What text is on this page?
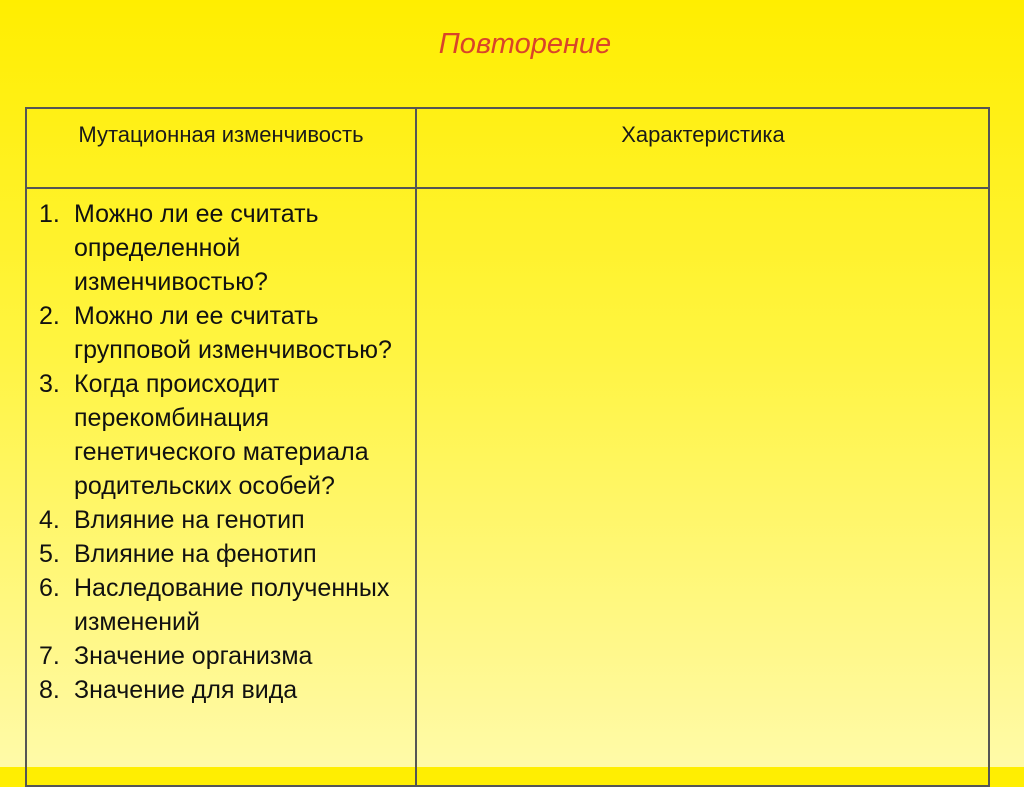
Повторение
Мутационная изменчивость	Характеристика
1. Можно ли ее считать определенной изменчивостью?
2. Можно ли ее считать групповой изменчивостью?
3. Когда происходит перекомбинация генетического материала родительских особей?
4. Влияние на генотип
5. Влияние на фенотип
6. Наследование полученных изменений
7. Значение организма
8. Значение для вида
